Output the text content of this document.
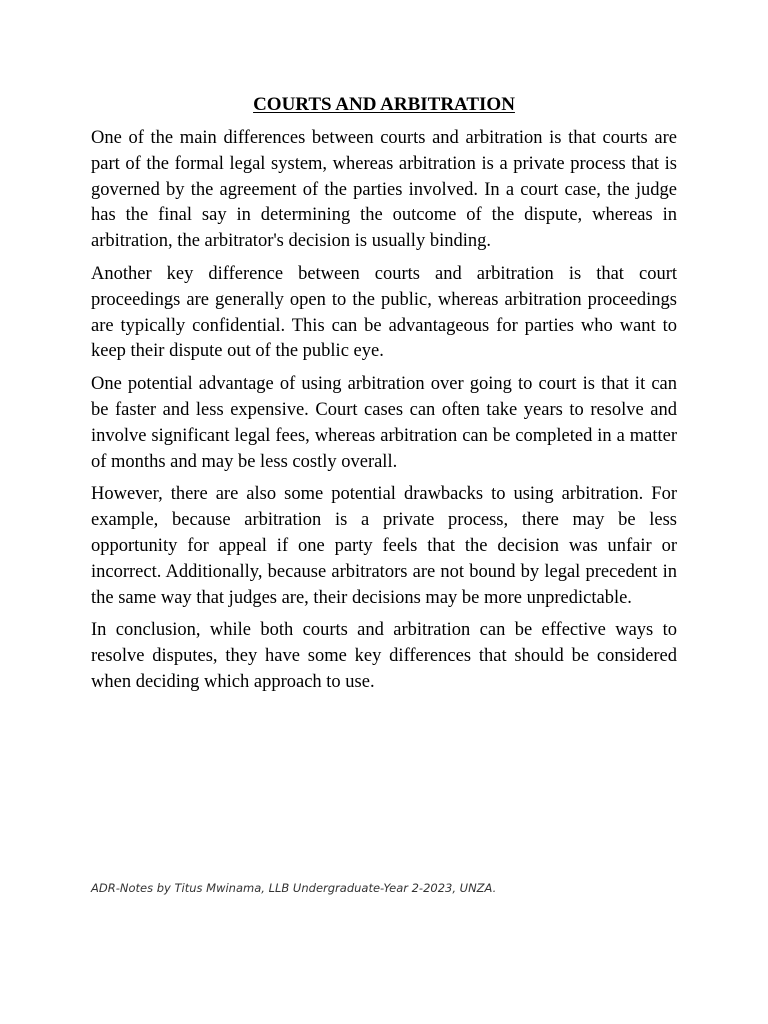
COURTS AND ARBITRATION

One of the main differences between courts and arbitration is that courts are part of the formal legal system, whereas arbitration is a private process that is governed by the agreement of the parties involved. In a court case, the judge has the final say in determining the outcome of the dispute, whereas in arbitration, the arbitrator's decision is usually binding.

Another key difference between courts and arbitration is that court proceedings are generally open to the public, whereas arbitration proceedings are typically confidential. This can be advantageous for parties who want to keep their dispute out of the public eye.

One potential advantage of using arbitration over going to court is that it can be faster and less expensive. Court cases can often take years to resolve and involve significant legal fees, whereas arbitration can be completed in a matter of months and may be less costly overall.

However, there are also some potential drawbacks to using arbitration. For example, because arbitration is a private process, there may be less opportunity for appeal if one party feels that the decision was unfair or incorrect. Additionally, because arbitrators are not bound by legal precedent in the same way that judges are, their decisions may be more unpredictable.

In conclusion, while both courts and arbitration can be effective ways to resolve disputes, they have some key differences that should be considered when deciding which approach to use.

ADR-Notes by Titus Mwinama, LLB Undergraduate-Year 2-2023, UNZA.
